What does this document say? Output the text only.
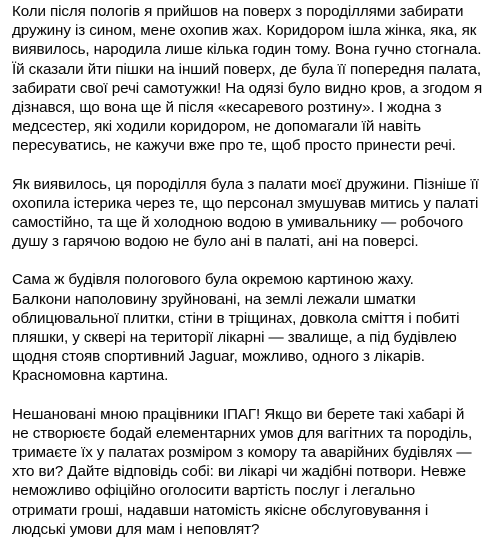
Коли після пологів я прийшов на поверх з породіллями забирати
дружину із сином, мене охопив жах. Коридором ішла жінка, яка, як
виявилось, народила лише кілька годин тому. Вона гучно стогнала.
Їй сказали йти пішки на інший поверх, де була її попередня палата,
забирати свої речі самотужки! На одязі було видно кров, а згодом я
дізнався, що вона ще й після «кесаревого розтину». І жодна з
медсестер, які ходили коридором, не допомагали їй навіть
пересуватись, не кажучи вже про те, щоб просто принести речі.

Як виявилось, ця породілля була з палати моєї дружини. Пізніше її
охопила істерика через те, що персонал змушував митись у палаті
самостійно, та ще й холодною водою в умивальнику — робочого
душу з гарячою водою не було ані в палаті, ані на поверсі.

Сама ж будівля пологового була окремою картиною жаху.
Балкони наполовину зруйновані, на землі лежали шматки
облицювальної плитки, стіни в тріщинах, довкола сміття і побиті
пляшки, у сквері на території лікарні — звалище, а під будівлею
щодня стояв спортивний Jaguar, можливо, одного з лікарів.
Красномовна картина.

Нешановані мною працівники ІПАГ! Якщо ви берете такі хабарі й
не створюєте бодай елементарних умов для вагітних та породіль,
тримаєте їх у палатах розміром з комору та аварійних будівлях —
хто ви? Дайте відповідь собі: ви лікарі чи жадібні потвори. Невже
неможливо офіційно оголосити вартість послуг і легально
отримати гроші, надавши натомість якісне обслуговування і
людські умови для мам і неповлят?
